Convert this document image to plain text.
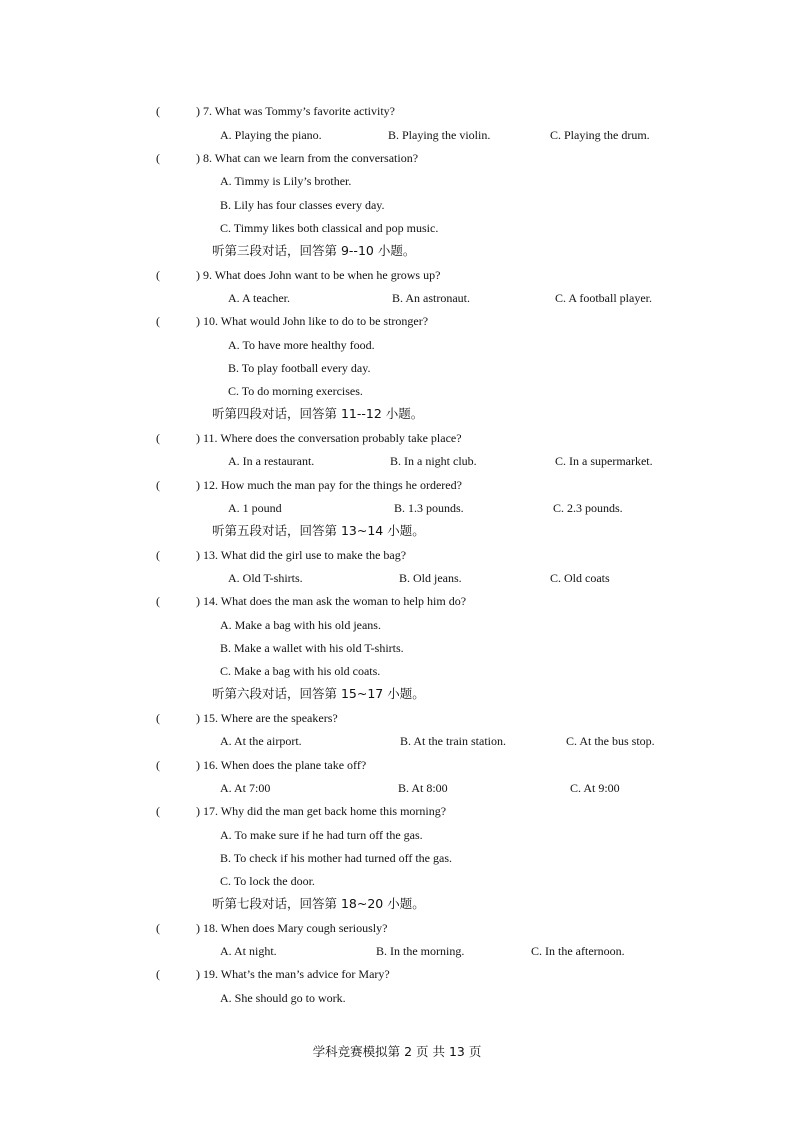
(	) 7. What was Tommy’s favorite activity?
A. Playing the piano.	B. Playing the violin.	C. Playing the drum.
(	) 8. What can we learn from the conversation?
A. Timmy is Lily’s brother.
B. Lily has four classes every day.
C. Timmy likes both classical and pop music.
听第三段对话，回答第 9--10 小题。
(	) 9. What does John want to be when he grows up?
A. A teacher.	B. An astronaut.	C. A football player.
(	) 10. What would John like to do to be stronger?
A. To have more healthy food.
B. To play football every day.
C. To do morning exercises.
听第四段对话，回答第 11--12 小题。
(	) 11. Where does the conversation probably take place?
A. In a restaurant.	B. In a night club.	C. In a supermarket.
(	) 12. How much the man pay for the things he ordered?
A. 1 pound	B. 1.3 pounds.	C. 2.3 pounds.
听第五段对话，回答第 13~14 小题。
(	) 13. What did the girl use to make the bag?
A. Old T-shirts.	B. Old jeans.	C. Old coats
(	) 14. What does the man ask the woman to help him do?
A. Make a bag with his old jeans.
B. Make a wallet with his old T-shirts.
C. Make a bag with his old coats.
听第六段对话，回答第 15~17 小题。
(	) 15. Where are the speakers?
A. At the airport.	B. At the train station.	C. At the bus stop.
(	) 16. When does the plane take off?
A. At 7:00	B. At 8:00	C. At 9:00
(	) 17. Why did the man get back home this morning?
A. To make sure if he had turn off the gas.
B. To check if his mother had turned off the gas.
C. To lock the door.
听第七段对话，回答第 18~20 小题。
(	) 18. When does Mary cough seriously?
A. At night.	B. In the morning.	C. In the afternoon.
(	) 19. What’s the man’s advice for Mary?
A. She should go to work.
学科竞赛模拟第 2 页 共 13 页
